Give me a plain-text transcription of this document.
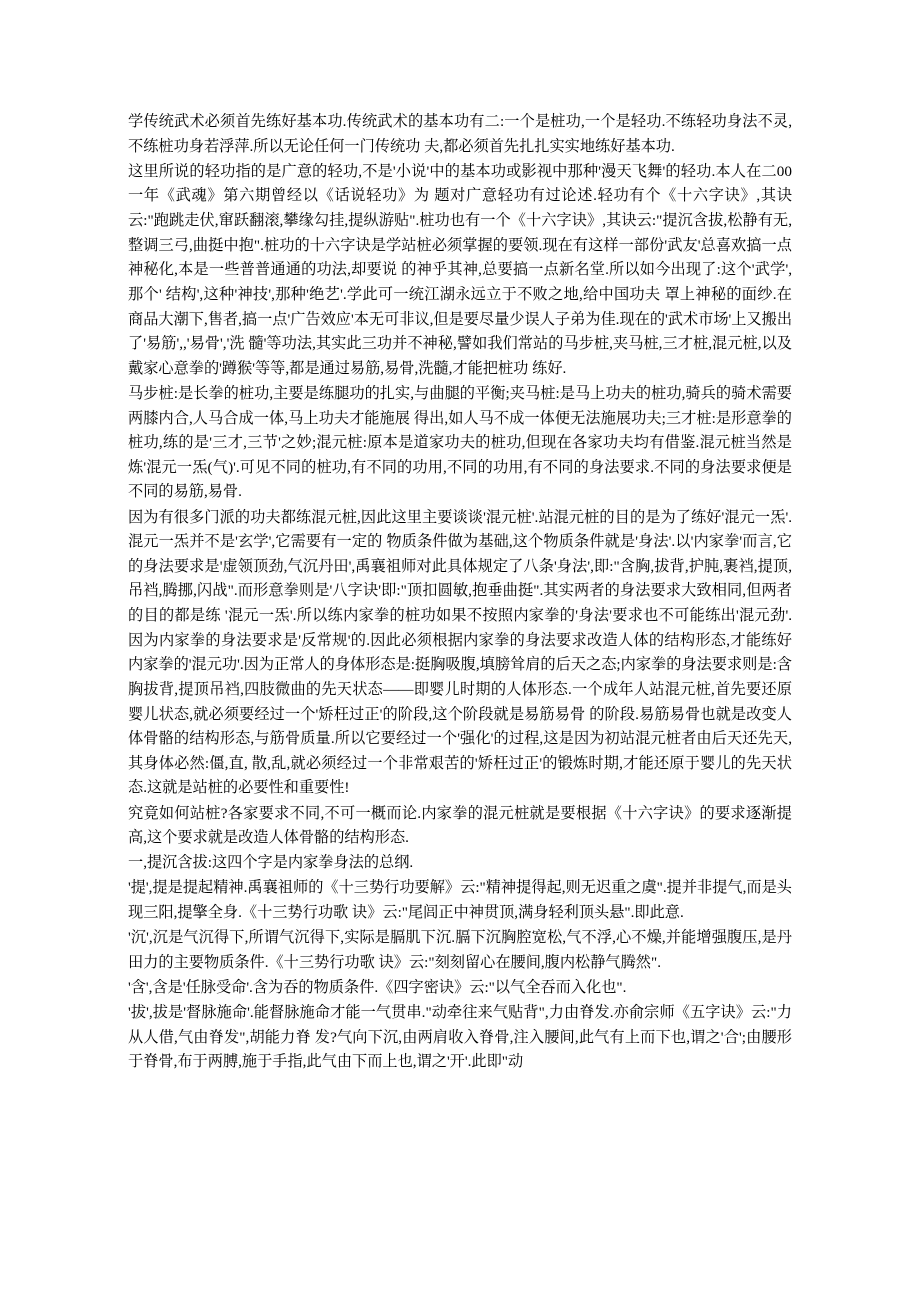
学传统武术必须首先练好基本功.传统武术的基本功有二:一个是桩功,一个是轻功.不练轻功身法不灵,不练桩功身若浮萍.所以无论任何一门传统功 夫,都必须首先扎扎实实地练好基本功.

这里所说的轻功指的是广意的轻功,不是'小说'中的基本功或影视中那种'漫天飞舞'的轻功.本人在二00一年《武魂》第六期曾经以《话说轻功》为 题对广意轻功有过论述.轻功有个《十六字诀》,其诀云:"跑跳走伏,窜跃翻滚,攀缘勾挂,提纵游贴".桩功也有一个《十六字诀》,其诀云:"提沉含拔,松静有无,整调三弓,曲挺中抱".桩功的十六字诀是学站桩必须掌握的要领.现在有这样一部份'武友'总喜欢搞一点神秘化,本是一些普普通通的功法,却要说 的神乎其神,总要搞一点新名堂.所以如今出现了:这个'武学',那个' 结构',这种'神技',那种'绝艺'.学此可一统江湖永远立于不败之地,给中国功夫 罩上神秘的面纱.在商品大潮下,售者,搞一点'广告效应'本无可非议,但是要尽量少误人子弟为佳.现在的'武术市场'上又搬出了'易筋',,'易骨','洗 髓'等功法,其实此三功并不神秘,譬如我们常站的马步桩,夹马桩,三才桩,混元桩,以及戴家心意拳的'蹲猴'等等,都是通过易筋,易骨,洗髓,才能把桩功 练好.

马步桩:是长拳的桩功,主要是练腿功的扎实,与曲腿的平衡;夹马桩:是马上功夫的桩功,骑兵的骑术需要两膝内合,人马合成一体,马上功夫才能施展 得出,如人马不成一体便无法施展功夫;三才桩:是形意拳的桩功,练的是'三才,三节'之妙;混元桩:原本是道家功夫的桩功,但现在各家功夫均有借鉴.混元桩当然是炼'混元一炁(气)'.可见不同的桩功,有不同的功用,不同的功用,有不同的身法要求.不同的身法要求便是不同的易筋,易骨.

因为有很多门派的功夫都练混元桩,因此这里主要谈谈'混元桩'.站混元桩的目的是为了练好'混元一炁'.混元一炁并不是'玄学',它需要有一定的 物质条件做为基础,这个物质条件就是'身法'.以'内家拳'而言,它的身法要求是'虚领顶劲,气沉丹田',禹襄祖师对此具体规定了八条'身法',即:"含胸,拔背,护肫,裹裆,提顶,吊裆,腾挪,闪战".而形意拳则是'八字诀'即:"顶扣圆敏,抱垂曲挺".其实两者的身法要求大致相同,但两者的目的都是练 '混元一炁'.所以练内家拳的桩功如果不按照内家拳的'身法'要求也不可能练出'混元劲'.因为内家拳的身法要求是'反常规'的.因此必须根据内家拳的身法要求改造人体的结构形态,才能练好内家拳的'混元功'.因为正常人的身体形态是:挺胸吸腹,填膀耸肩的后天之态;内家拳的身法要求则是:含胸拔背,提顶吊裆,四肢微曲的先天状态——即婴儿时期的人体形态.一个成年人站混元桩,首先要还原婴儿状态,就必须要经过一个'矫枉过正'的阶段,这个阶段就是易筋易骨 的阶段.易筋易骨也就是改变人体骨骼的结构形态,与筋骨质量.所以它要经过一个'强化'的过程,这是因为初站混元桩者由后天还先天,其身体必然:僵,直, 散,乱,就必须经过一个非常艰苦的'矫枉过正'的锻炼时期,才能还原于婴儿的先天状态.这就是站桩的必要性和重要性!

究竟如何站桩?各家要求不同,不可一概而论.内家拳的混元桩就是要根据《十六字诀》的要求逐渐提高,这个要求就是改造人体骨骼的结构形态.

一,提沉含拔:这四个字是内家拳身法的总纲.

'提',提是提起精神.禹襄祖师的《十三势行功要解》云:"精神提得起,则无迟重之虞".提并非提气,而是头现三阳,提擎全身.《十三势行功歌 诀》云:"尾闾正中神贯顶,满身轻利顶头悬".即此意.

'沉',沉是气沉得下,所谓气沉得下,实际是膈肌下沉.膈下沉胸腔宽松,气不浮,心不燥,并能增强腹压,是丹田力的主要物质条件.《十三势行功歌 诀》云:"刻刻留心在腰间,腹内松静气腾然".

'含',含是'任脉受命'.含为吞的物质条件.《四字密诀》云:"以气全吞而入化也".

'拔',拔是'督脉施命'.能督脉施命才能一气贯串."动牵往来气贴背",力由脊发.亦俞宗师《五字诀》云:"力从人借,气由脊发",胡能力脊 发?气向下沉,由两肩收入脊骨,注入腰间,此气有上而下也,谓之'合';由腰形于脊骨,布于两膊,施于手指,此气由下而上也,谓之'开'.此即"动
